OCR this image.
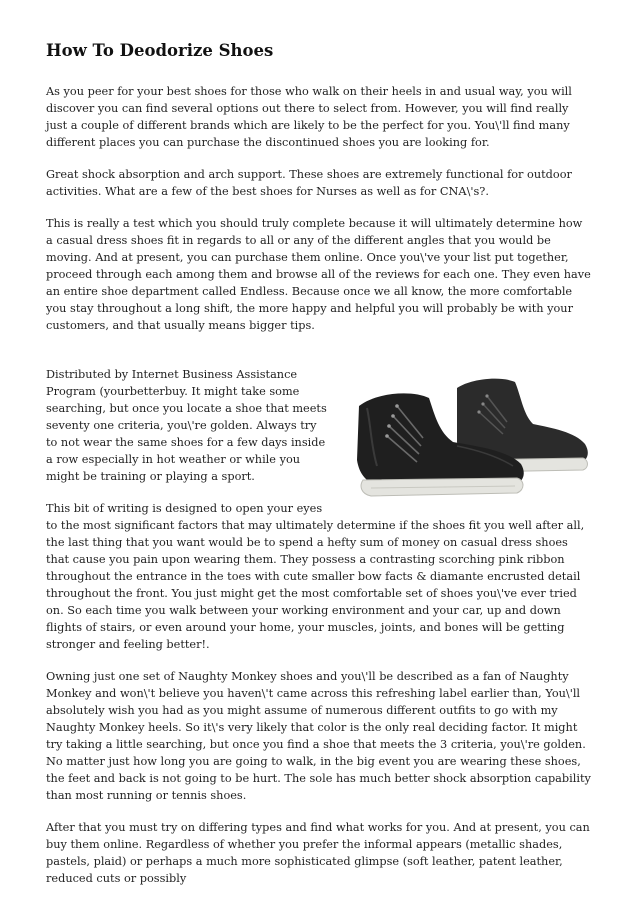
How To Deodorize Shoes

As you peer for your best shoes for those who walk on their heels in and usual way, you will discover you can find several options out there to select from. However, you will find really just a couple of different brands which are likely to be the perfect for you. You\'ll find many different places you can purchase the discontinued shoes you are looking for.

Great shock absorption and arch support. These shoes are extremely functional for outdoor activities. What are a few of the best shoes for Nurses as well as for CNA\'s?.

This is really a test which you should truly complete because it will ultimately determine how a casual dress shoes fit in regards to all or any of the different angles that you would be moving. And at present, you can purchase them online. Once you\'ve your list put together, proceed through each among them and browse all of the reviews for each one. They even have an entire shoe department called Endless. Because once we all know, the more comfortable you stay throughout a long shift, the more happy and helpful you will probably be with your customers, and that usually means bigger tips.

Distributed by Internet Business Assistance Program (yourbetterbuy. It might take some searching, but once you locate a shoe that meets seventy one criteria, you\'re golden. Always try to not wear the same shoes for a few days inside a row especially in hot weather or while you might be training or playing a sport.

This bit of writing is designed to open your eyes to the most significant factors that may ultimately determine if the shoes fit you well after all, the last thing that you want would be to spend a hefty sum of money on casual dress shoes that cause you pain upon wearing them. They possess a contrasting scorching pink ribbon throughout the entrance in the toes with cute smaller bow facts & diamante encrusted detail throughout the front. You just might get the most comfortable set of shoes you\'ve ever tried on. So each time you walk between your working environment and your car, up and down flights of stairs, or even around your home, your muscles, joints, and bones will be getting stronger and feeling better!.

Owning just one set of Naughty Monkey shoes and you\'ll be described as a fan of Naughty Monkey and won\'t believe you haven\'t came across this refreshing label earlier than, You\'ll absolutely wish you had as you might assume of numerous different outfits to go with my Naughty Monkey heels. So it\'s very likely that color is the only real deciding factor. It might try taking a little searching, but once you find a shoe that meets the 3 criteria, you\'re golden. No matter just how long you are going to walk, in the big event you are wearing these shoes, the feet and back is not going to be hurt. The sole has much better shock absorption capability than most running or tennis shoes.

After that you must try on differing types and find what works for you. And at present, you can buy them online. Regardless of whether you prefer the informal appears (metallic shades, pastels, plaid) or perhaps a much more sophisticated glimpse (soft leather, patent leather, reduced cuts or possibly
